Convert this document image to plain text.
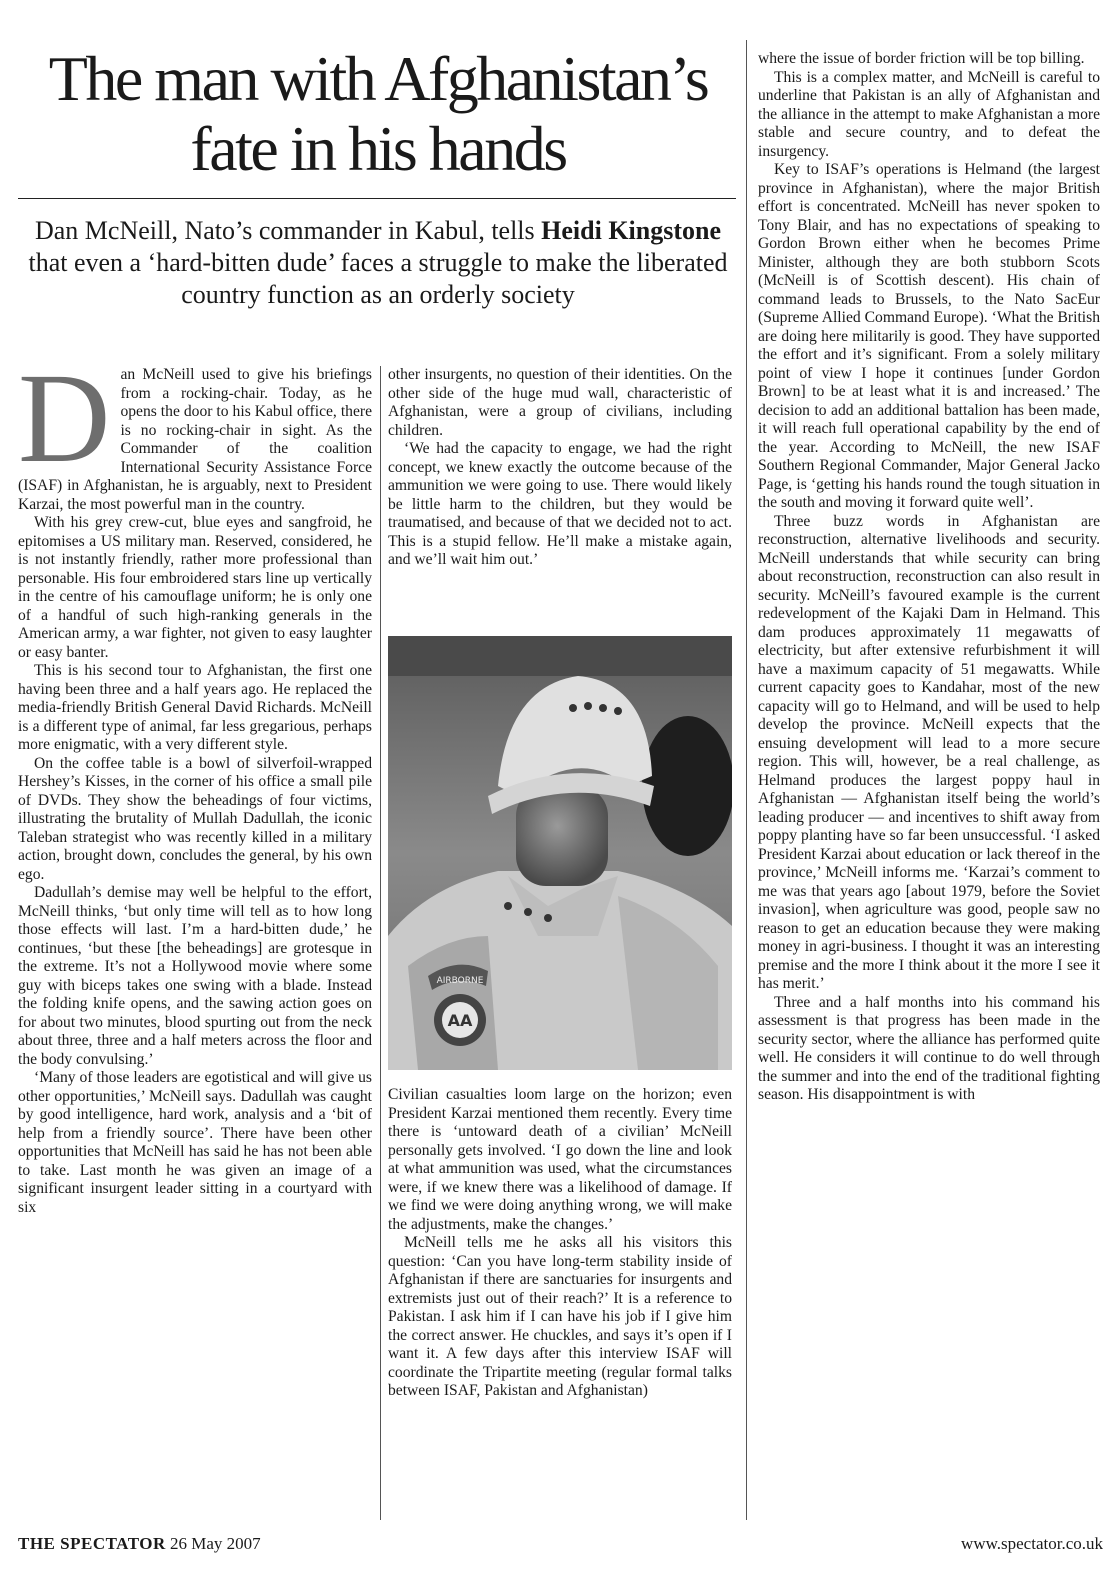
The man with Afghanistan’s
fate in his hands

Dan McNeill, Nato’s commander in Kabul, tells Heidi Kingstone that even a ‘hard-bitten dude’ faces a struggle to make the liberated country function as an orderly society

Dan McNeill used to give his briefings from a rocking-chair. Today, as he opens the door to his Kabul office, there is no rocking-chair in sight. As the Commander of the coalition International Security Assistance Force (ISAF) in Afghanistan, he is arguably, next to President Karzai, the most powerful man in the country.

With his grey crew-cut, blue eyes and sangfroid, he epitomises a US military man. Reserved, considered, he is not instantly friendly, rather more professional than personable. His four embroidered stars line up vertically in the centre of his camouflage uniform; he is only one of a handful of such high-ranking generals in the American army, a war fighter, not given to easy laughter or easy banter.

This is his second tour to Afghanistan, the first one having been three and a half years ago. He replaced the media-friendly British General David Richards. McNeill is a different type of animal, far less gregarious, perhaps more enigmatic, with a very different style.

On the coffee table is a bowl of silverfoil-wrapped Hershey’s Kisses, in the corner of his office a small pile of DVDs. They show the beheadings of four victims, illustrating the brutality of Mullah Dadullah, the iconic Taleban strategist who was recently killed in a military action, brought down, concludes the general, by his own ego.

Dadullah’s demise may well be helpful to the effort, McNeill thinks, ‘but only time will tell as to how long those effects will last. I’m a hard-bitten dude,’ he continues, ‘but these [the beheadings] are grotesque in the extreme. It’s not a Hollywood movie where some guy with biceps takes one swing with a blade. Instead the folding knife opens, and the sawing action goes on for about two minutes, blood spurting out from the neck about three, three and a half meters across the floor and the body convulsing.’

‘Many of those leaders are egotistical and will give us other opportunities,’ McNeill says. Dadullah was caught by good intelligence, hard work, analysis and a ‘bit of help from a friendly source’. There have been other opportunities that McNeill has said he has not been able to take. Last month he was given an image of a significant insurgent leader sitting in a courtyard with six

other insurgents, no question of their identities. On the other side of the huge mud wall, characteristic of Afghanistan, were a group of civilians, including children.

‘We had the capacity to engage, we had the right concept, we knew exactly the outcome because of the ammunition we were going to use. There would likely be little harm to the children, but they would be traumatised, and because of that we decided not to act. This is a stupid fellow. He’ll make a mistake again, and we’ll wait him out.’

AIRBORNE
AA

Civilian casualties loom large on the horizon; even President Karzai mentioned them recently. Every time there is ‘untoward death of a civilian’ McNeill personally gets involved. ‘I go down the line and look at what ammunition was used, what the circumstances were, if we knew there was a likelihood of damage. If we find we were doing anything wrong, we will make the adjustments, make the changes.’

McNeill tells me he asks all his visitors this question: ‘Can you have long-term stability inside of Afghanistan if there are sanctuaries for insurgents and extremists just out of their reach?’ It is a reference to Pakistan. I ask him if I can have his job if I give him the correct answer. He chuckles, and says it’s open if I want it. A few days after this interview ISAF will coordinate the Tripartite meeting (regular formal talks between ISAF, Pakistan and Afghanistan)

where the issue of border friction will be top billing.

This is a complex matter, and McNeill is careful to underline that Pakistan is an ally of Afghanistan and the alliance in the attempt to make Afghanistan a more stable and secure country, and to defeat the insurgency.

Key to ISAF’s operations is Helmand (the largest province in Afghanistan), where the major British effort is concentrated. McNeill has never spoken to Tony Blair, and has no expectations of speaking to Gordon Brown either when he becomes Prime Minister, although they are both stubborn Scots (McNeill is of Scottish descent). His chain of command leads to Brussels, to the Nato SacEur (Supreme Allied Command Europe). ‘What the British are doing here militarily is good. They have supported the effort and it’s significant. From a solely military point of view I hope it continues [under Gordon Brown] to be at least what it is and increased.’ The decision to add an additional battalion has been made, it will reach full operational capability by the end of the year. According to McNeill, the new ISAF Southern Regional Commander, Major General Jacko Page, is ‘getting his hands round the tough situation in the south and moving it forward quite well’.

Three buzz words in Afghanistan are reconstruction, alternative livelihoods and security. McNeill understands that while security can bring about reconstruction, reconstruction can also result in security. McNeill’s favoured example is the current redevelopment of the Kajaki Dam in Helmand. This dam produces approximately 11 megawatts of electricity, but after extensive refurbishment it will have a maximum capacity of 51 megawatts. While current capacity goes to Kandahar, most of the new capacity will go to Helmand, and will be used to help develop the province. McNeill expects that the ensuing development will lead to a more secure region. This will, however, be a real challenge, as Helmand produces the largest poppy haul in Afghanistan — Afghanistan itself being the world’s leading producer — and incentives to shift away from poppy planting have so far been unsuccessful. ‘I asked President Karzai about education or lack thereof in the province,’ McNeill informs me. ‘Karzai’s comment to me was that years ago [about 1979, before the Soviet invasion], when agriculture was good, people saw no reason to get an education because they were making money in agri-business. I thought it was an interesting premise and the more I think about it the more I see it has merit.’

Three and a half months into his command his assessment is that progress has been made in the security sector, where the alliance has performed quite well. He considers it will continue to do well through the summer and into the end of the traditional fighting season. His disappointment is with

THE SPECTATOR 26 May 2007	www.spectator.co.uk
